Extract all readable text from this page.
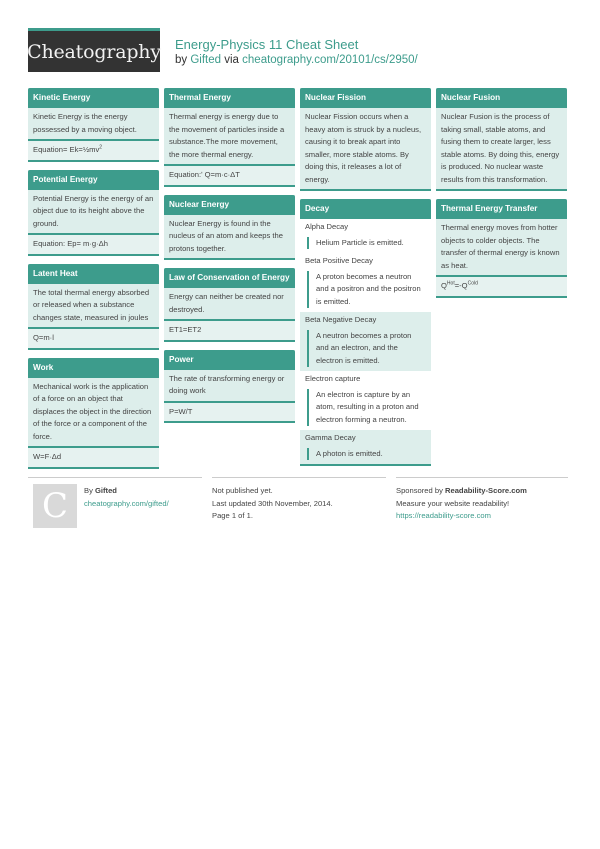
Cheatography Energy-Physics 11 Cheat Sheet
by Gifted via cheatography.com/20101/cs/2950/
Kinetic Energy
Kinetic Energy is the energy possessed by a moving object.
Equation= $Ek=\frac{1}{2}mv^2$
Potential Energy
Potential Energy is the energy of an object due to its height above the ground.
Equation: Ep= m·g·Δh
Latent Heat
The total thermal energy absorbed or released when a substance changes state, measured in joules
Q=m·l
Work
Mechanical work is the application of a force on an object that displaces the object in the direction of the force or a component of the force.
W=F·Δd
Thermal Energy
Thermal energy is energy due to the movement of particles inside a substance.The more movement, the more thermal energy.
Equation:ʹ Q=m·c·ΔT
Nuclear Energy
Nuclear Energy is found in the nucleus of an atom and keeps the protons together.
Law of Conservation of Energy
Energy can neither be created nor destroyed.
ET1=ET2
Power
The rate of transforming energy or doing work
P=W/T
Nuclear Fission
Nuclear Fission occurs when a heavy atom is struck by a nucleus, causing it to break apart into smaller, more stable atoms. By doing this, it releases a lot of energy.
Decay
Alpha Decay
Helium Particle is emitted.
Beta Positive Decay
A proton becomes a neutron and a positron and the positron is emitted.
Beta Negative Decay
A neutron becomes a proton and an electron, and the electron is emitted.
Electron capture
An electron is capture by an atom, resulting in a proton and electron forming a neutron.
Gamma Decay
A photon is emitted.
Nuclear Fusion
Nuclear Fusion is the process of taking small, stable atoms, and fusing them to create larger, less stable atoms. By doing this, energy is produced. No nuclear waste results from this transformation.
Thermal Energy Transfer
Thermal energy moves from hotter objects to colder objects. The transfer of thermal energy is known as heat.
$Q^{Hot}=-Q^{Cold}$
C By Gifted
cheatography.com/gifted/
Not published yet.
Last updated 30th November, 2014.
Page 1 of 1.
Sponsored by Readability-Score.com
Measure your website readability!
https://readability-score.com
